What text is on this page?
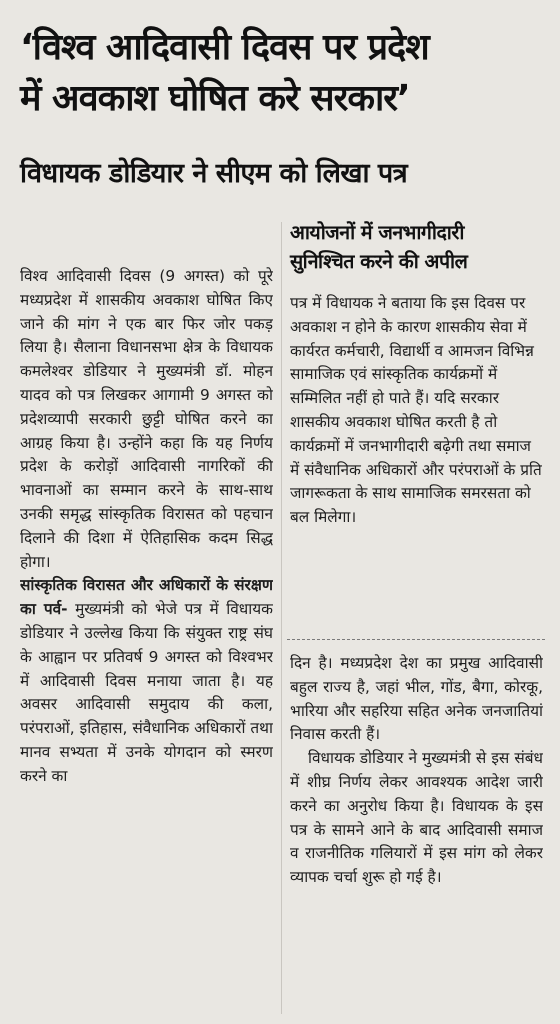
‘विश्व आदिवासी दिवस पर प्रदेश
में अवकाश घोषित करे सरकार’
विधायक डोडियार ने सीएम को लिखा पत्र

विश्व आदिवासी दिवस (9 अगस्त) को पूरे मध्यप्रदेश में शासकीय अवकाश घोषित किए जाने की मांग ने एक बार फिर जोर पकड़ लिया है। सैलाना विधानसभा क्षेत्र के विधायक कमलेश्वर डोडियार ने मुख्यमंत्री डॉ. मोहन यादव को पत्र लिखकर आगामी 9 अगस्त को प्रदेशव्यापी सरकारी छुट्टी घोषित करने का आग्रह किया है। उन्होंने कहा कि यह निर्णय प्रदेश के करोड़ों आदिवासी नागरिकों की भावनाओं का सम्मान करने के साथ-साथ उनकी समृद्ध सांस्कृतिक विरासत को पहचान दिलाने की दिशा में ऐतिहासिक कदम सिद्ध होगा।

सांस्कृतिक विरासत और अधिकारों के संरक्षण का पर्व- मुख्यमंत्री को भेजे पत्र में विधायक डोडियार ने उल्लेख किया कि संयुक्त राष्ट्र संघ के आह्वान पर प्रतिवर्ष 9 अगस्त को विश्वभर में आदिवासी दिवस मनाया जाता है। यह अवसर आदिवासी समुदाय की कला, परंपराओं, इतिहास, संवैधानिक अधिकारों तथा मानव सभ्यता में उनके योगदान को स्मरण करने का

आयोजनों में जनभागीदारी
सुनिश्चित करने की अपील

पत्र में विधायक ने बताया कि इस दिवस पर अवकाश न होने के कारण शासकीय सेवा में कार्यरत कर्मचारी, विद्यार्थी व आमजन विभिन्न सामाजिक एवं सांस्कृतिक कार्यक्रमों में सम्मिलित नहीं हो पाते हैं। यदि सरकार शासकीय अवकाश घोषित करती है तो कार्यक्रमों में जनभागीदारी बढ़ेगी तथा समाज में संवैधानिक अधिकारों और परंपराओं के प्रति जागरूकता के साथ सामाजिक समरसता को बल मिलेगा।

दिन है। मध्यप्रदेश देश का प्रमुख आदिवासी बहुल राज्य है, जहां भील, गोंड, बैगा, कोरकू, भारिया और सहरिया सहित अनेक जनजातियां निवास करती हैं।

विधायक डोडियार ने मुख्यमंत्री से इस संबंध में शीघ्र निर्णय लेकर आवश्यक आदेश जारी करने का अनुरोध किया है। विधायक के इस पत्र के सामने आने के बाद आदिवासी समाज व राजनीतिक गलियारों में इस मांग को लेकर व्यापक चर्चा शुरू हो गई है।
